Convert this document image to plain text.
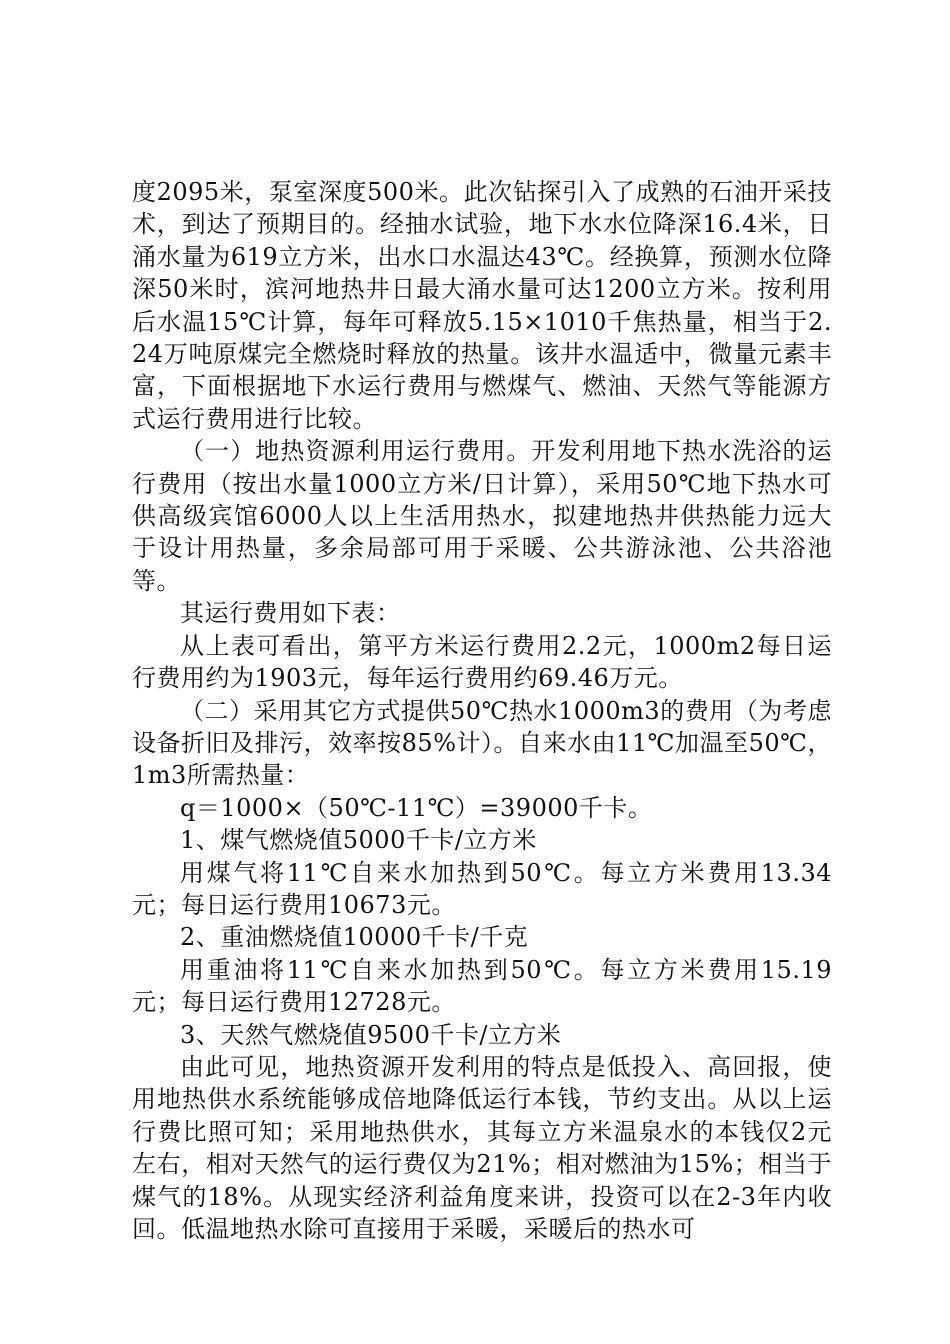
度2095米，泵室深度500米。此次钻探引入了成熟的石油开采技术，到达了预期目的。经抽水试验，地下水水位降深16.4米，日涌水量为619立方米，出水口水温达43℃。经换算，预测水位降深50米时，滨河地热井日最大涌水量可达1200立方米。按利用后水温15℃计算，每年可释放5.15×1010千焦热量，相当于2.24万吨原煤完全燃烧时释放的热量。该井水温适中，微量元素丰富，下面根据地下水运行费用与燃煤气、燃油、天然气等能源方式运行费用进行比较。

（一）地热资源利用运行费用。开发利用地下热水洗浴的运行费用（按出水量1000立方米/日计算），采用50℃地下热水可供高级宾馆6000人以上生活用热水，拟建地热井供热能力远大于设计用热量，多余局部可用于采暖、公共游泳池、公共浴池等。

其运行费用如下表：

从上表可看出，第平方米运行费用2.2元，1000m2每日运行费用约为1903元，每年运行费用约69.46万元。

（二）采用其它方式提供50℃热水1000m3的费用（为考虑设备折旧及排污，效率按85%计）。自来水由11℃加温至50℃，1m3所需热量：

q＝1000×（50℃-11℃）=39000千卡。

1、煤气燃烧值5000千卡/立方米

用煤气将11℃自来水加热到50℃。每立方米费用13.34元；每日运行费用10673元。

2、重油燃烧值10000千卡/千克

用重油将11℃自来水加热到50℃。每立方米费用15.19元；每日运行费用12728元。

3、天然气燃烧值9500千卡/立方米

由此可见，地热资源开发利用的特点是低投入、高回报，使用地热供水系统能够成倍地降低运行本钱，节约支出。从以上运行费比照可知；采用地热供水，其每立方米温泉水的本钱仅2元左右，相对天然气的运行费仅为21%；相对燃油为15%；相当于煤气的18%。从现实经济利益角度来讲，投资可以在2-3年内收回。低温地热水除可直接用于采暖，采暖后的热水可
